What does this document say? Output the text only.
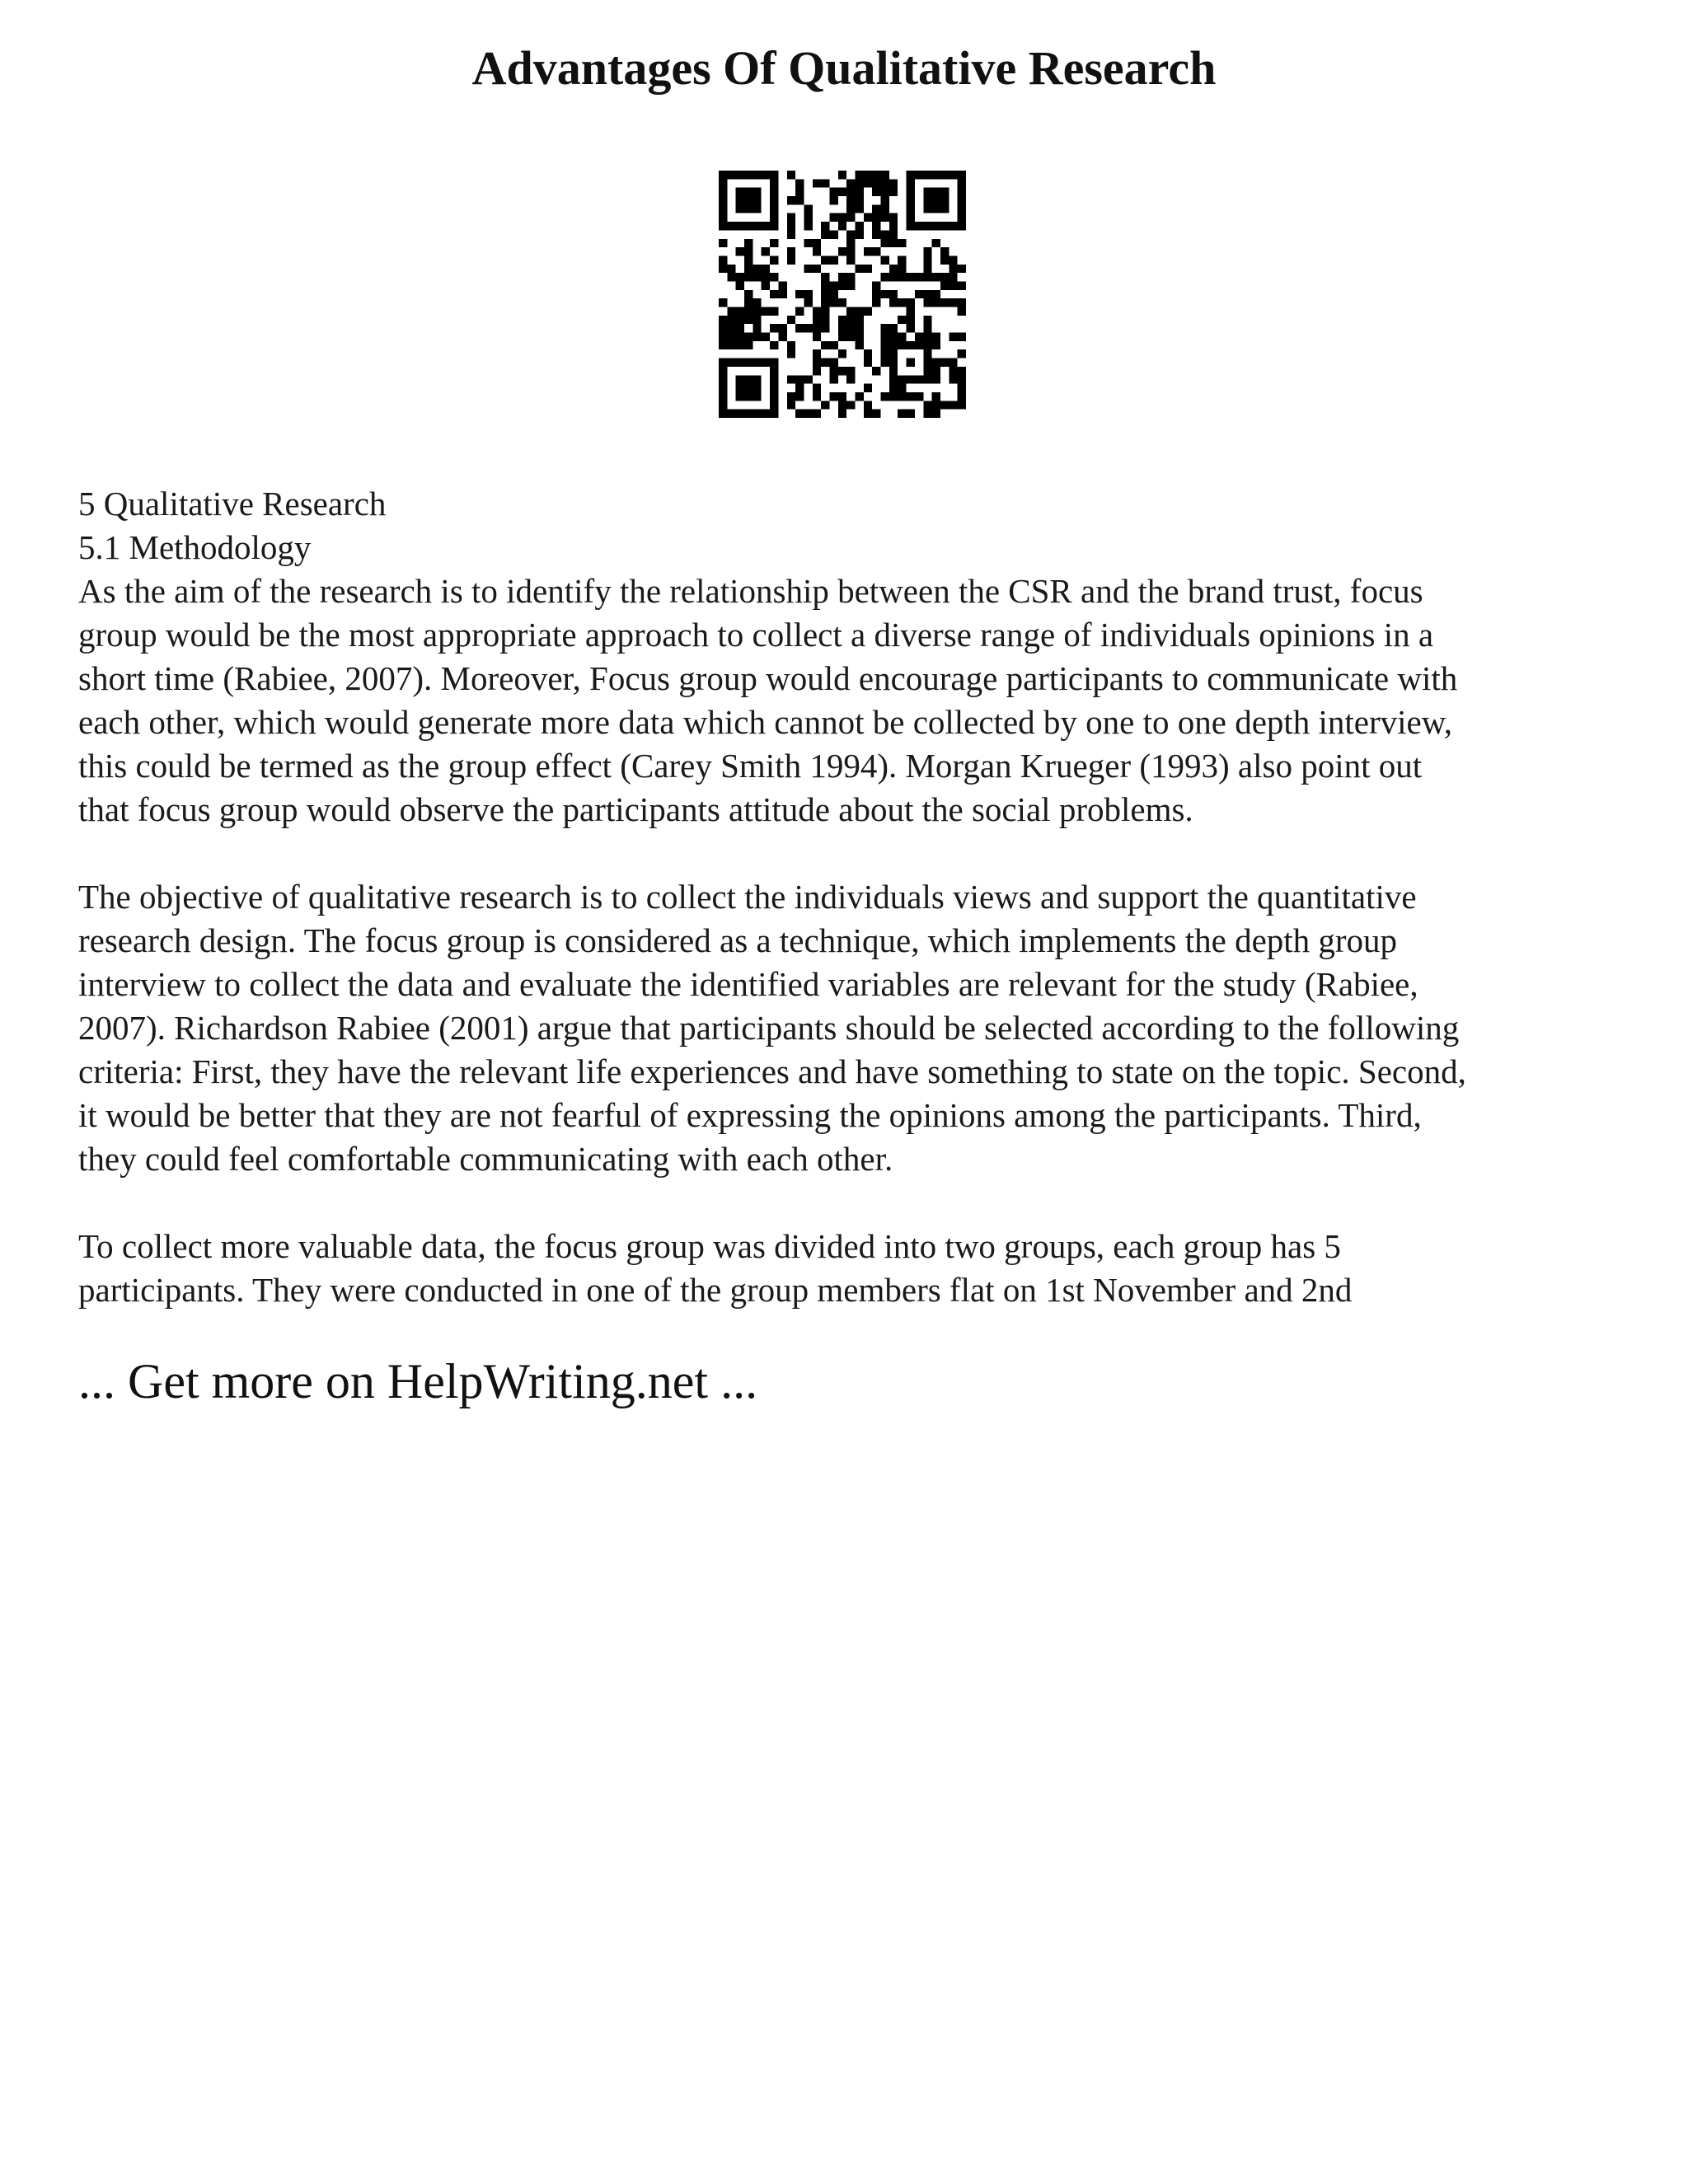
Advantages Of Qualitative Research
5 Qualitative Research
5.1 Methodology
As the aim of the research is to identify the relationship between the CSR and the brand trust, focus
group would be the most appropriate approach to collect a diverse range of individuals opinions in a
short time (Rabiee, 2007). Moreover, Focus group would encourage participants to communicate with
each other, which would generate more data which cannot be collected by one to one depth interview,
this could be termed as the group effect (Carey Smith 1994). Morgan Krueger (1993) also point out
that focus group would observe the participants attitude about the social problems.
The objective of qualitative research is to collect the individuals views and support the quantitative
research design. The focus group is considered as a technique, which implements the depth group
interview to collect the data and evaluate the identified variables are relevant for the study (Rabiee,
2007). Richardson Rabiee (2001) argue that participants should be selected according to the following
criteria: First, they have the relevant life experiences and have something to state on the topic. Second,
it would be better that they are not fearful of expressing the opinions among the participants. Third,
they could feel comfortable communicating with each other.
To collect more valuable data, the focus group was divided into two groups, each group has 5
participants. They were conducted in one of the group members flat on 1st November and 2nd
... Get more on HelpWriting.net ...
